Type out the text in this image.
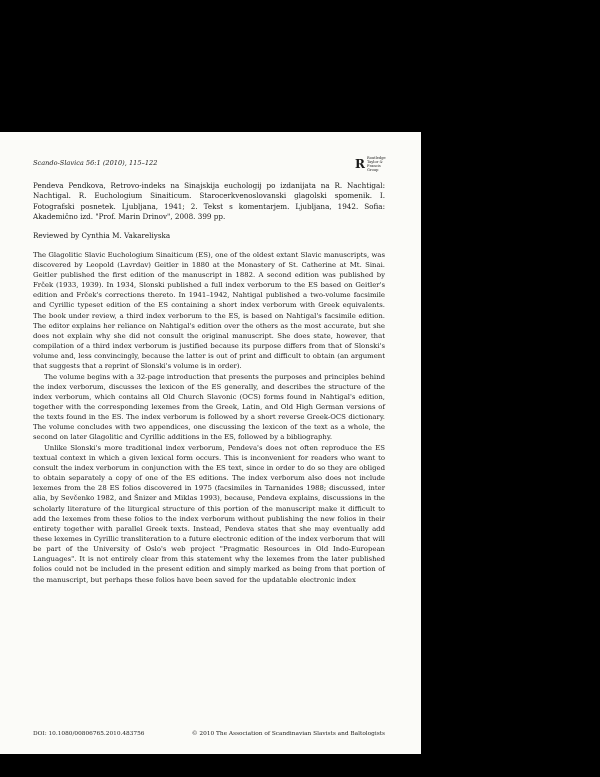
Scando-Slavica 56:1 (2010), 115–122	R Routledge Taylor & Francis Group
Pendeva Pendkova, Retrovo-indeks na Sinajskija euchologij po izdanijata na R. Nachtigal: Nachtigal. R. Euchologium Sinaiticum. Starocerkvenoslovanski glagolski spomenik. I. Fotografski posnetek. Ljubljana, 1941; 2. Tekst s komentarjem. Ljubljana, 1942. Sofia: Akademično izd. "Prof. Marin Drinov", 2008. 399 pp.
Reviewed by Cynthia M. Vakareliyska

The Glagolitic Slavic Euchologium Sinaiticum (ES), one of the oldest extant Slavic manuscripts, was discovered by Leopold (Lavrdav) Geitler in 1880 at the Monastery of St. Catherine at Mt. Sinai. Geitler published the first edition of the manuscript in 1882. A second edition was published by Frček (1933, 1939). In 1934, Slonski published a full index verborum to the ES based on Geitler's edition and Frček's corrections thereto. In 1941–1942, Nahtigal published a two-volume facsimile and Cyrillic typeset edition of the ES containing a short index verborum with Greek equivalents. The book under review, a third index verborum to the ES, is based on Nahtigal's facsimile edition. The editor explains her reliance on Nahtigal's edition over the others as the most accurate, but she does not explain why she did not consult the original manuscript. She does state, however, that compilation of a third index verborum is justified because its purpose differs from that of Slonski's volume and, less convincingly, because the latter is out of print and difficult to obtain (an argument that suggests that a reprint of Slonski's volume is in order).

The volume begins with a 32-page introduction that presents the purposes and principles behind the index verborum, discusses the lexicon of the ES generally, and describes the structure of the index verborum, which contains all Old Church Slavonic (OCS) forms found in Nahtigal's edition, together with the corresponding lexemes from the Greek, Latin, and Old High German versions of the texts found in the ES. The index verborum is followed by a short reverse Greek-OCS dictionary. The volume concludes with two appendices, one discussing the lexicon of the text as a whole, the second on later Glagolitic and Cyrillic additions in the ES, followed by a bibliography.

Unlike Slonski's more traditional index verborum, Pendeva's does not often reproduce the ES textual context in which a given lexical form occurs. This is inconvenient for readers who want to consult the index verborum in conjunction with the ES text, since in order to do so they are obliged to obtain separately a copy of one of the ES editions. The index verborum also does not include lexemes from the 28 ES folios discovered in 1975 (facsimiles in Tarnanides 1988; discussed, inter alia, by Sevčenko 1982, and Šnizer and Miklas 1993), because, Pendeva explains, discussions in the scholarly literature of the liturgical structure of this portion of the manuscript make it difficult to add the lexemes from these folios to the index verborum without publishing the new folios in their entirety together with parallel Greek texts. Instead, Pendeva states that she may eventually add these lexemes in Cyrillic transliteration to a future electronic edition of the index verborum that will be part of the University of Oslo's web project "Pragmatic Resources in Old Indo-European Languages". It is not entirely clear from this statement why the lexemes from the later published folios could not be included in the present edition and simply marked as being from that portion of the manuscript, but perhaps these folios have been saved for the updatable electronic index

DOI: 10.1080/00806765.2010.483756	© 2010 The Association of Scandinavian Slavists and Baltologists
